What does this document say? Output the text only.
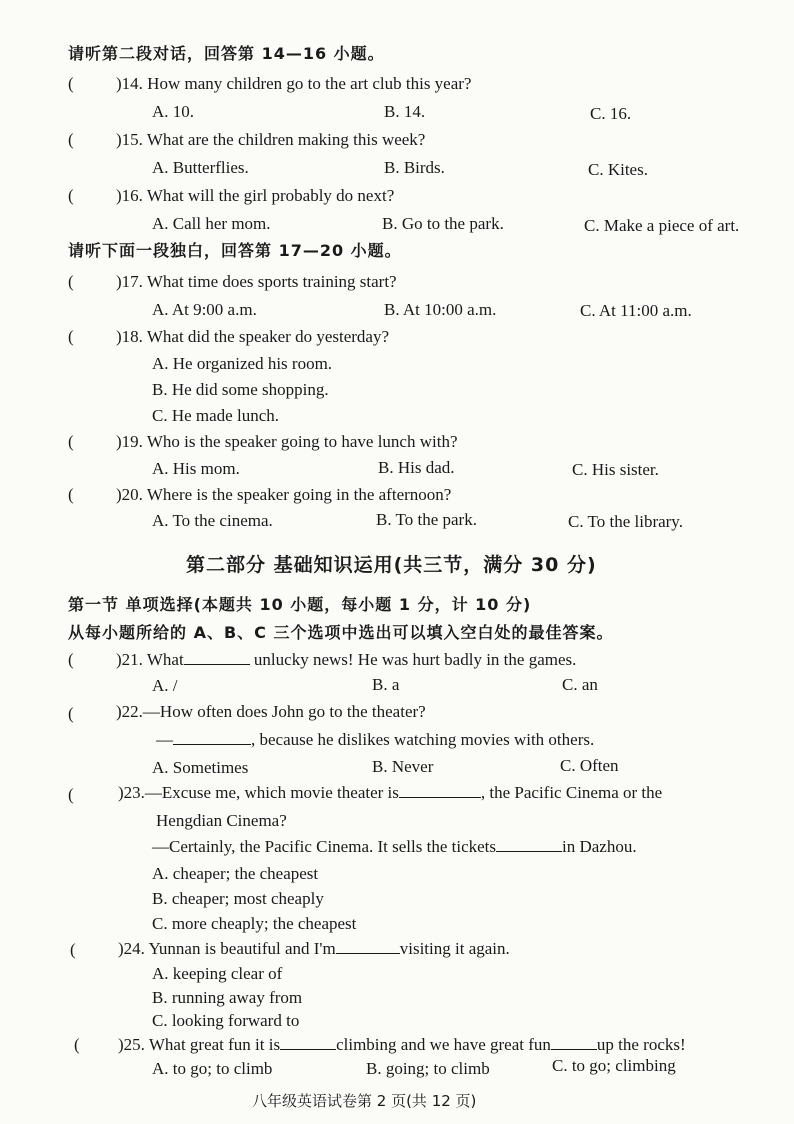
请听第二段对话，回答第 14—16 小题。
( )14. How many children go to the art club this year?
A. 10.	B. 14.	C. 16.
( )15. What are the children making this week?
A. Butterflies.	B. Birds.	C. Kites.
( )16. What will the girl probably do next?
A. Call her mom.	B. Go to the park.	C. Make a piece of art.
请听下面一段独白，回答第 17—20 小题。
( )17. What time does sports training start?
A. At 9:00 a.m.	B. At 10:00 a.m.	C. At 11:00 a.m.
( )18. What did the speaker do yesterday?
A. He organized his room.
B. He did some shopping.
C. He made lunch.
( )19. Who is the speaker going to have lunch with?
A. His mom.	B. His dad.	C. His sister.
( )20. Where is the speaker going in the afternoon?
A. To the cinema.	B. To the park.	C. To the library.
第二部分 基础知识运用(共三节，满分 30 分)
第一节 单项选择(本题共 10 小题，每小题 1 分，计 10 分)
从每小题所给的 A、B、C 三个选项中选出可以填入空白处的最佳答案。
( )21. What	unlucky news! He was hurt badly in the games.
A. /	B. a	C. an
( )22.—How often does John go to the theater?
—	, because he dislikes watching movies with others.
A. Sometimes	B. Never	C. Often
(	)23.—Excuse me, which movie theater is	, the Pacific Cinema or the
Hengdian Cinema?
—Certainly, the Pacific Cinema. It sells the tickets	in Dazhou.
A. cheaper; the cheapest
B. cheaper; most cheaply
C. more cheaply; the cheapest
( )24. Yunnan is beautiful and I'm	visiting it again.
A. keeping clear of
B. running away from
C. looking forward to
( )25. What great fun it is	climbing and we have great fun	up the rocks!
A. to go; to climb	B. going; to climb	C. to go; climbing
八年级英语试卷第 2 页(共 12 页)
